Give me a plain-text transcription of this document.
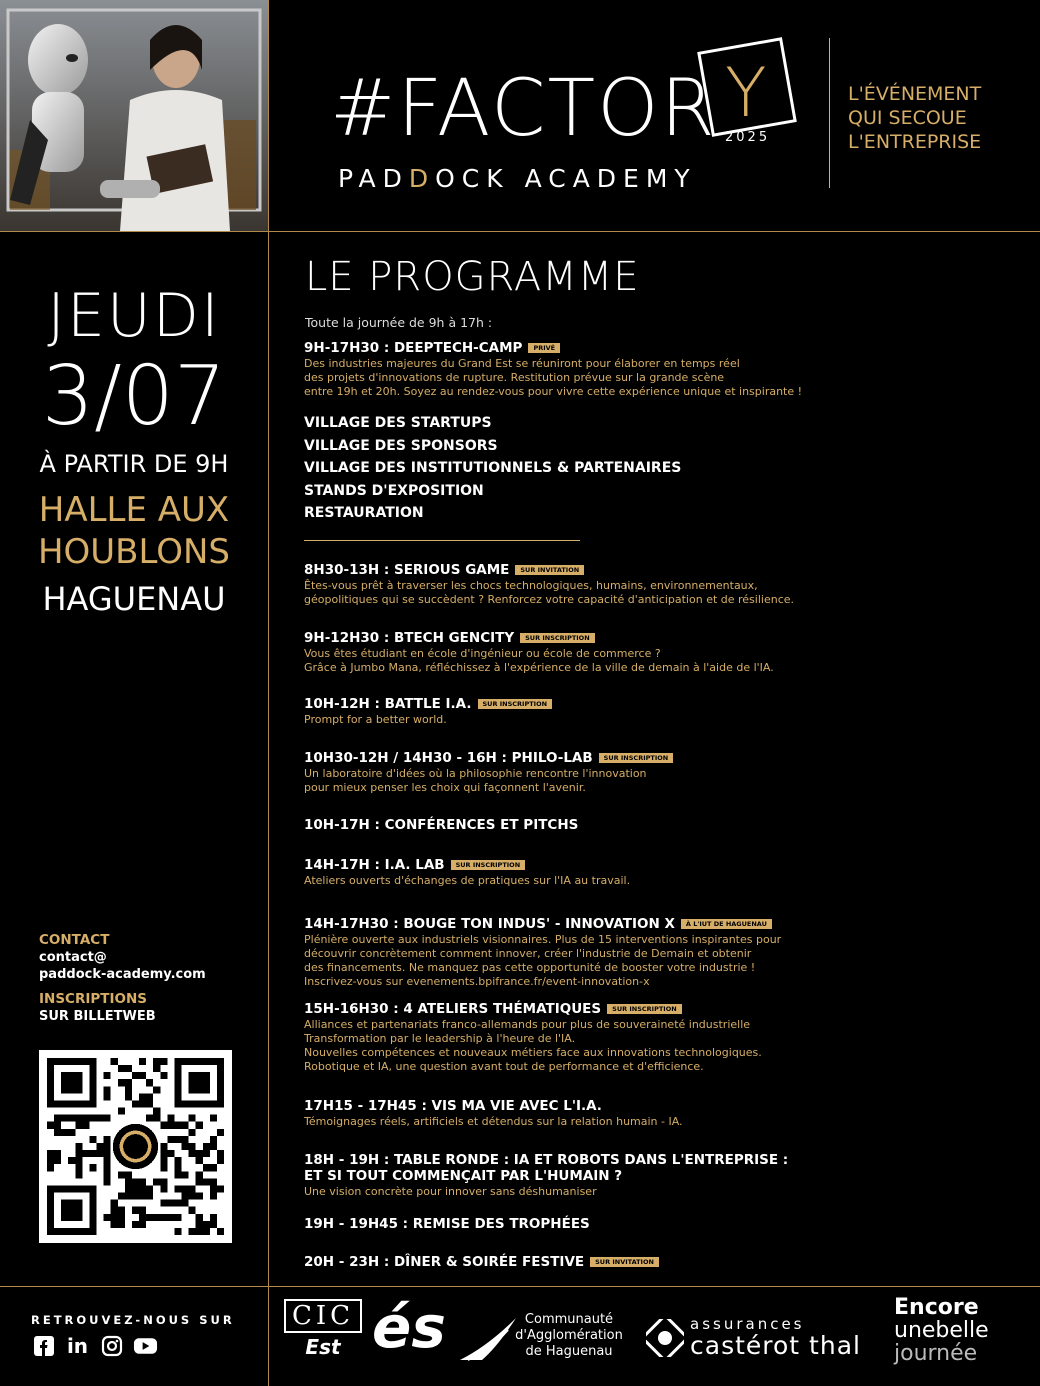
#FACTOR Y
2025
PADDOCK ACADEMY
L'ÉVÉNEMENT
QUI SECOUE
L'ENTREPRISE
JEUDI
3/07
À PARTIR DE 9H
HALLE AUX
HOUBLONS
HAGUENAU
CONTACT
contact@
paddock-academy.com
INSCRIPTIONS
SUR BILLETWEB
LE PROGRAMME
Toute la journée de 9h à 17h :
9H-17H30 : DEEPTECH-CAMP PRIVÉ
Des industries majeures du Grand Est se réuniront pour élaborer en temps réel
des projets d'innovations de rupture. Restitution prévue sur la grande scène
entre 19h et 20h. Soyez au rendez-vous pour vivre cette expérience unique et inspirante !
VILLAGE DES STARTUPS
VILLAGE DES SPONSORS
VILLAGE DES INSTITUTIONNELS & PARTENAIRES
STANDS D'EXPOSITION
RESTAURATION
8H30-13H : SERIOUS GAME SUR INVITATION
Êtes-vous prêt à traverser les chocs technologiques, humains, environnementaux,
géopolitiques qui se succèdent ? Renforcez votre capacité d'anticipation et de résilience.
9H-12H30 : BTECH GENCITY SUR INSCRIPTION
Vous êtes étudiant en école d'ingénieur ou école de commerce ?
Grâce à Jumbo Mana, réfléchissez à l'expérience de la ville de demain à l'aide de l'IA.
10H-12H : BATTLE I.A. SUR INSCRIPTION
Prompt for a better world.
10H30-12H / 14H30 - 16H : PHILO-LAB SUR INSCRIPTION
Un laboratoire d'idées où la philosophie rencontre l'innovation
pour mieux penser les choix qui façonnent l'avenir.
10H-17H : CONFÉRENCES ET PITCHS
14H-17H : I.A. LAB SUR INSCRIPTION
Ateliers ouverts d'échanges de pratiques sur l'IA au travail.
14H-17H30 : BOUGE TON INDUS' - INNOVATION X À L'IUT DE HAGUENAU
Plénière ouverte aux industriels visionnaires. Plus de 15 interventions inspirantes pour
découvrir concrètement comment innover, créer l'industrie de Demain et obtenir
des financements. Ne manquez pas cette opportunité de booster votre industrie !
Inscrivez-vous sur evenements.bpifrance.fr/event-innovation-x
15H-16H30 : 4 ATELIERS THÉMATIQUES SUR INSCRIPTION
Alliances et partenariats franco-allemands pour plus de souveraineté industrielle
Transformation par le leadership à l'heure de l'IA.
Nouvelles compétences et nouveaux métiers face aux innovations technologiques.
Robotique et IA, une question avant tout de performance et d'efficience.
17H15 - 17H45 : VIS MA VIE AVEC L'I.A.
Témoignages réels, artificiels et détendus sur la relation humain - IA.
18H - 19H : TABLE RONDE : IA ET ROBOTS DANS L'ENTREPRISE :
ET SI TOUT COMMENÇAIT PAR L'HUMAIN ?
Une vision concrète pour innover sans déshumaniser
19H - 19H45 : REMISE DES TROPHÉES
20H - 23H : DÎNER & SOIRÉE FESTIVE SUR INVITATION
RETROUVEZ-NOUS SUR
in
CIC
Est és	Communauté
d'Agglomération
de Haguenau
assurances
castérot thal
Encore
unebelle
journée
